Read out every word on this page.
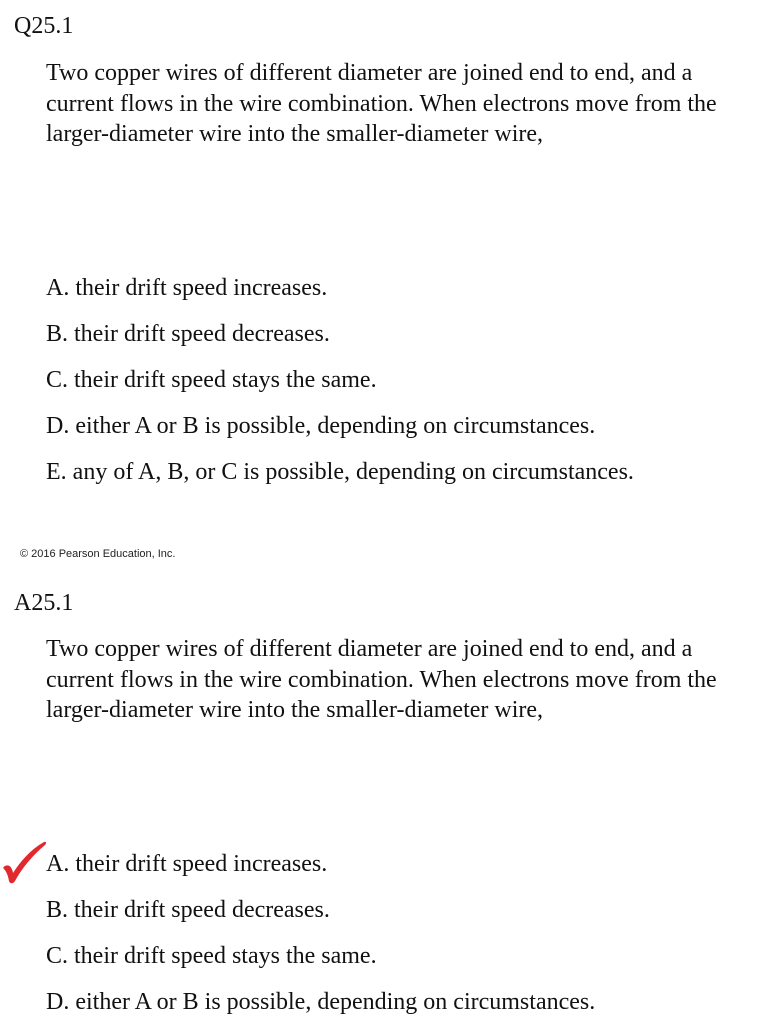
Q25.1

Two copper wires of different diameter are joined end to end, and a current flows in the wire combination. When electrons move from the larger-diameter wire into the smaller-diameter wire,

A. their drift speed increases.
B. their drift speed decreases.
C. their drift speed stays the same.
D. either A or B is possible, depending on circumstances.
E. any of A, B, or C is possible, depending on circumstances.
© 2016 Pearson Education, Inc.
A25.1

Two copper wires of different diameter are joined end to end, and a current flows in the wire combination. When electrons move from the larger-diameter wire into the smaller-diameter wire,

A. their drift speed increases.
B. their drift speed decreases.
C. their drift speed stays the same.
D. either A or B is possible, depending on circumstances.
